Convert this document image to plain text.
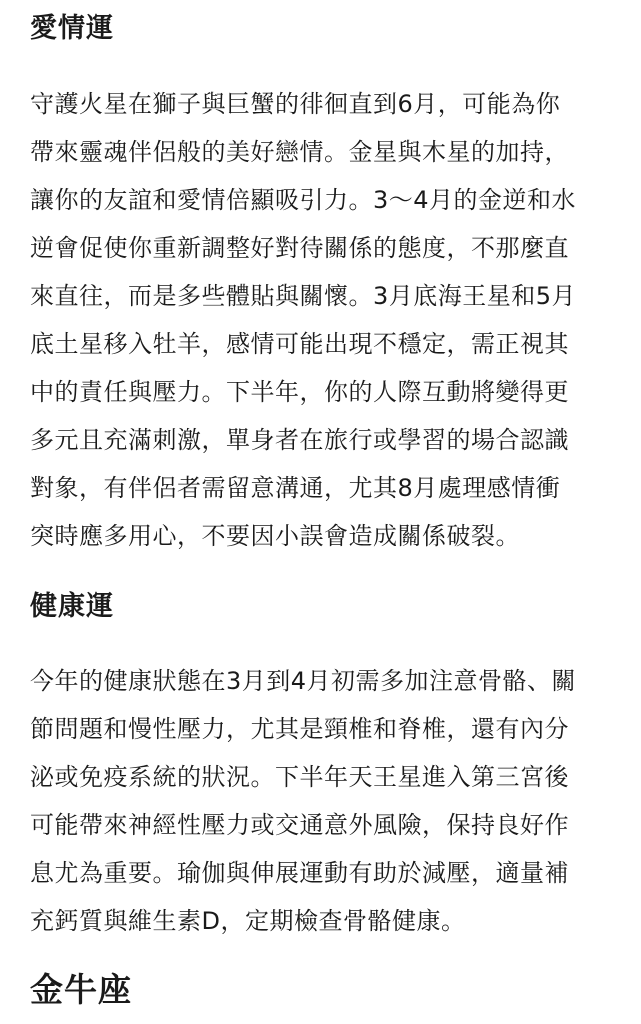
愛情運
守護火星在獅子與巨蟹的徘徊直到6月，可能為你
帶來靈魂伴侶般的美好戀情。金星與木星的加持，
讓你的友誼和愛情倍顯吸引力。3～4月的金逆和水
逆會促使你重新調整好對待關係的態度，不那麼直
來直往，而是多些體貼與關懷。3月底海王星和5月
底土星移入牡羊，感情可能出現不穩定，需正視其
中的責任與壓力。下半年，你的人際互動將變得更
多元且充滿刺激，單身者在旅行或學習的場合認識
對象，有伴侶者需留意溝通，尤其8月處理感情衝
突時應多用心，不要因小誤會造成關係破裂。
健康運
今年的健康狀態在3月到4月初需多加注意骨骼、關
節問題和慢性壓力，尤其是頸椎和脊椎，還有內分
泌或免疫系統的狀況。下半年天王星進入第三宮後
可能帶來神經性壓力或交通意外風險，保持良好作
息尤為重要。瑜伽與伸展運動有助於減壓，適量補
充鈣質與維生素D，定期檢查骨骼健康。
金牛座
